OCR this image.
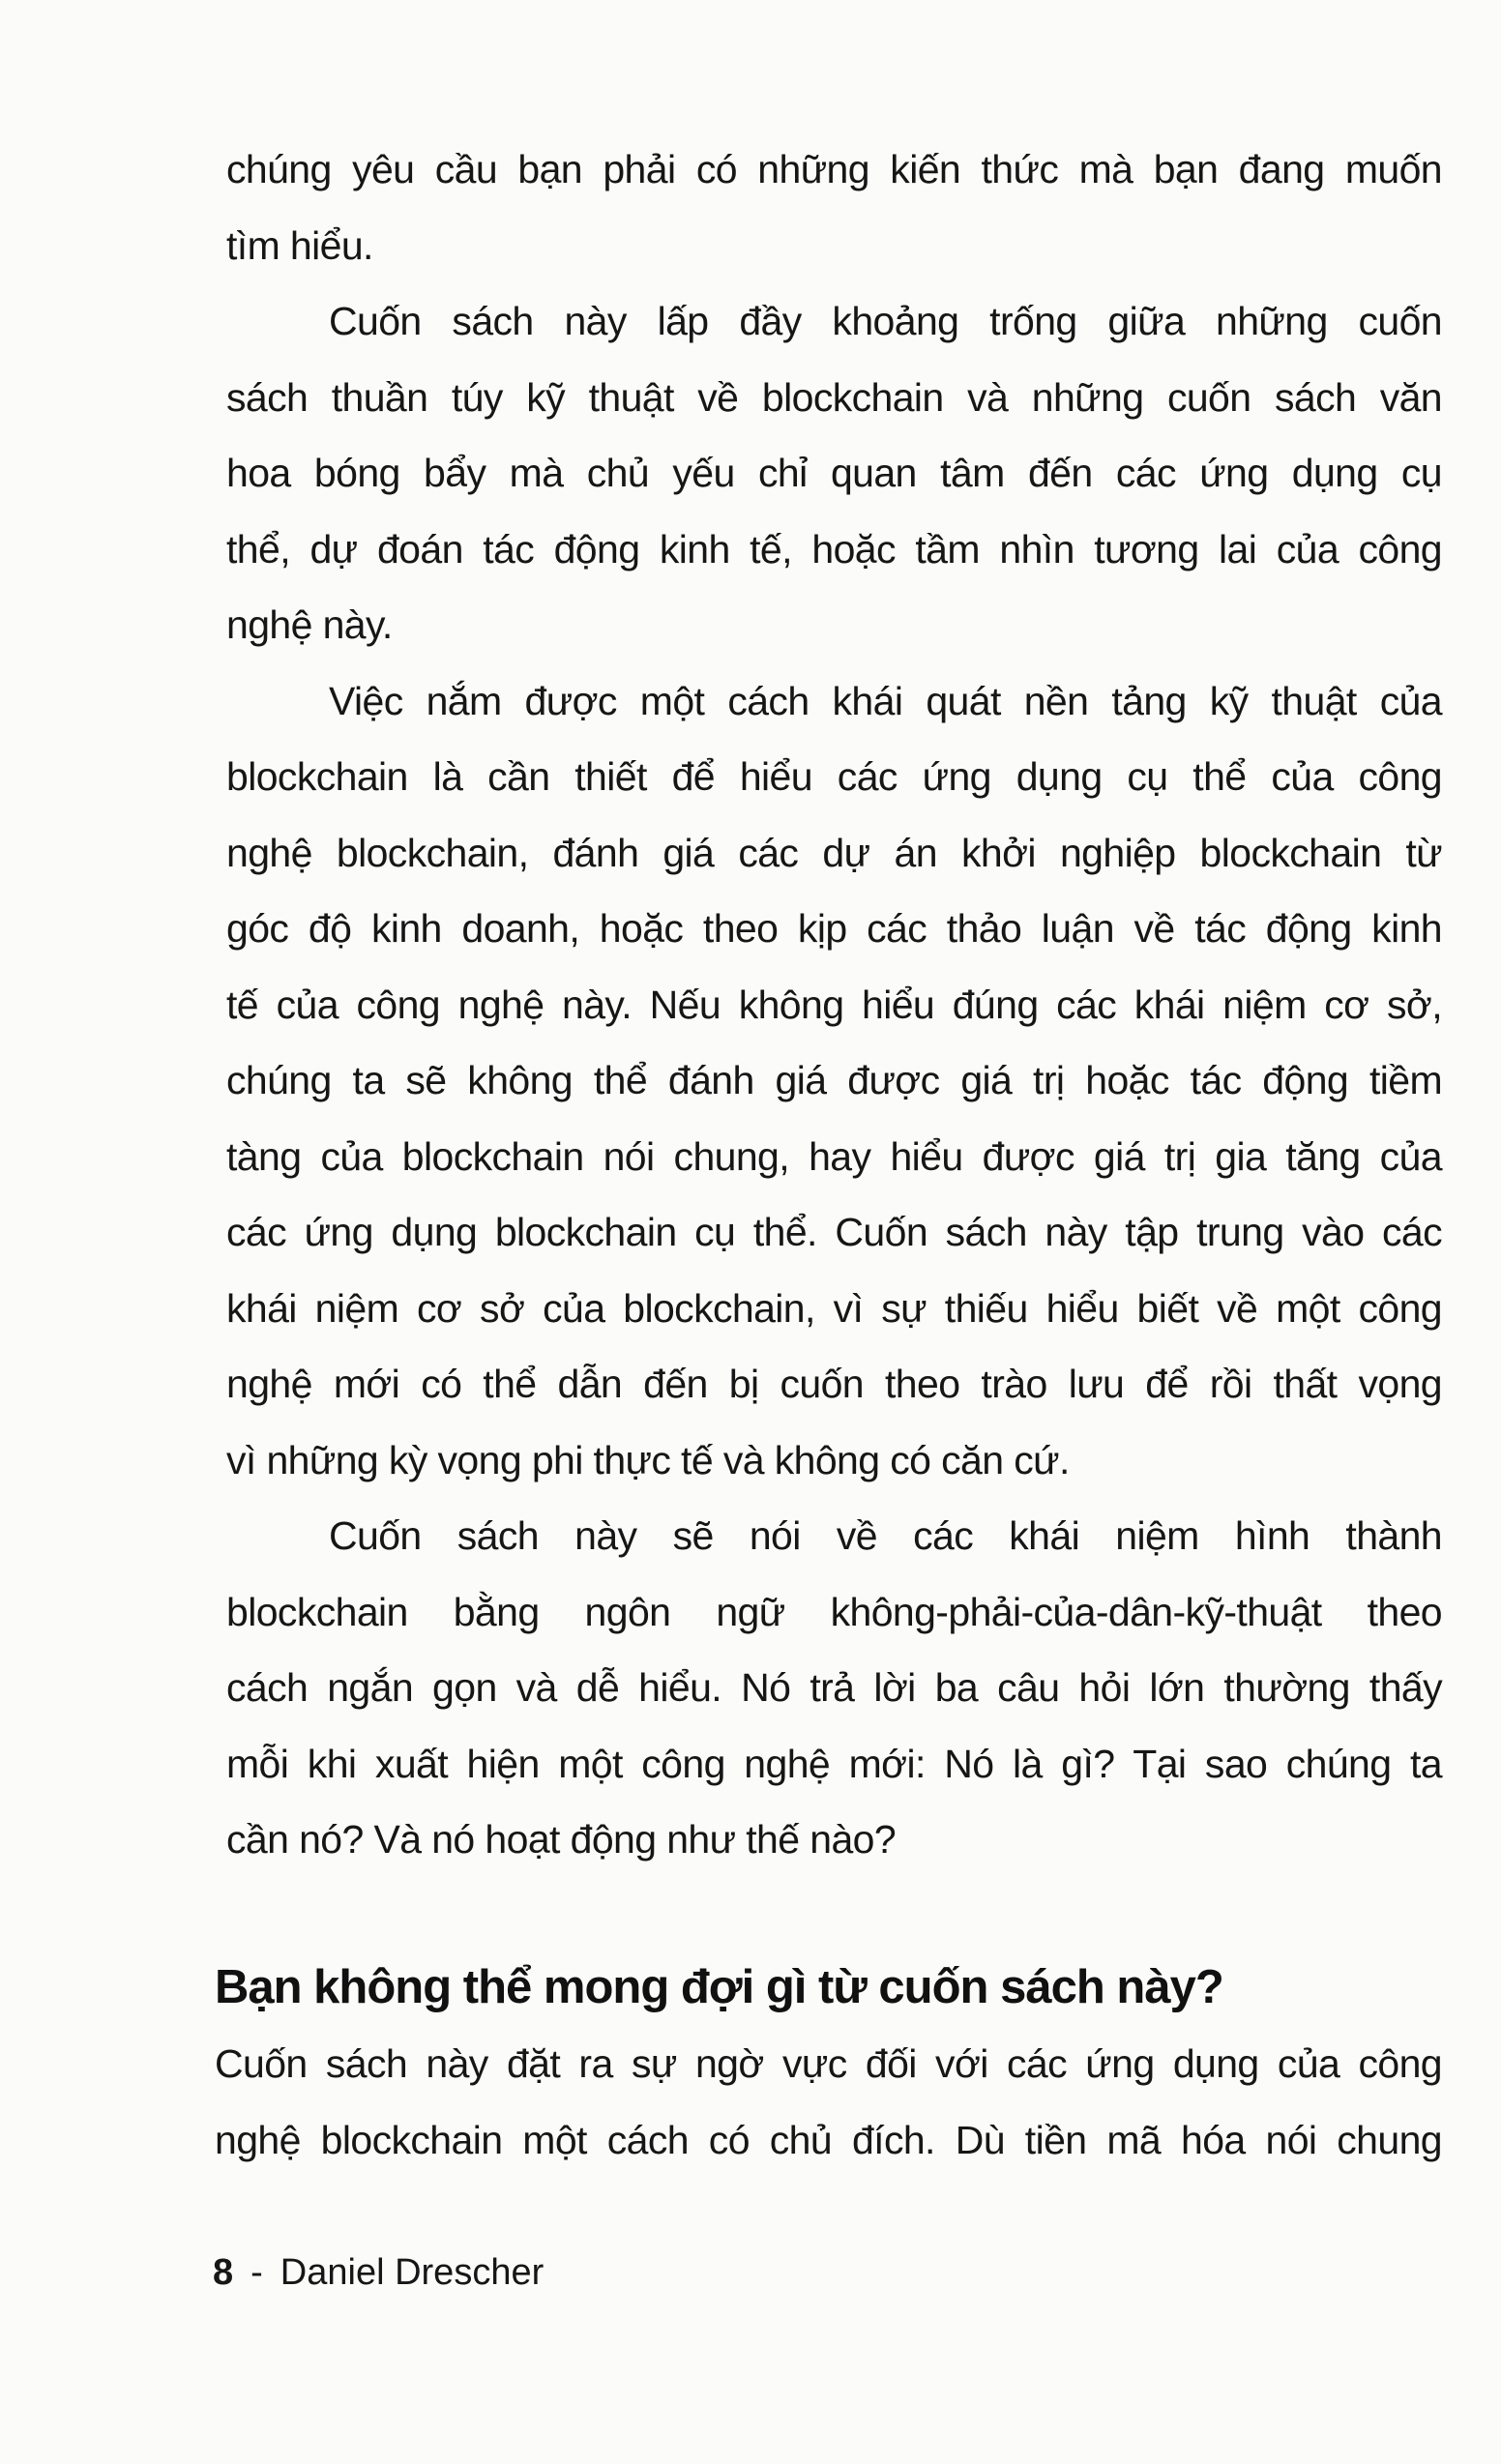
chúng yêu cầu bạn phải có những kiến thức mà bạn đang muốn
tìm hiểu.
Cuốn sách này lấp đầy khoảng trống giữa những cuốn
sách thuần túy kỹ thuật về blockchain và những cuốn sách văn
hoa bóng bẩy mà chủ yếu chỉ quan tâm đến các ứng dụng cụ
thể, dự đoán tác động kinh tế, hoặc tầm nhìn tương lai của công
nghệ này.
Việc nắm được một cách khái quát nền tảng kỹ thuật của
blockchain là cần thiết để hiểu các ứng dụng cụ thể của công
nghệ blockchain, đánh giá các dự án khởi nghiệp blockchain từ
góc độ kinh doanh, hoặc theo kịp các thảo luận về tác động kinh
tế của công nghệ này. Nếu không hiểu đúng các khái niệm cơ sở,
chúng ta sẽ không thể đánh giá được giá trị hoặc tác động tiềm
tàng của blockchain nói chung, hay hiểu được giá trị gia tăng của
các ứng dụng blockchain cụ thể. Cuốn sách này tập trung vào các
khái niệm cơ sở của blockchain, vì sự thiếu hiểu biết về một công
nghệ mới có thể dẫn đến bị cuốn theo trào lưu để rồi thất vọng
vì những kỳ vọng phi thực tế và không có căn cứ.
Cuốn sách này sẽ nói về các khái niệm hình thành
blockchain bằng ngôn ngữ không-phải-của-dân-kỹ-thuật theo
cách ngắn gọn và dễ hiểu. Nó trả lời ba câu hỏi lớn thường thấy
mỗi khi xuất hiện một công nghệ mới: Nó là gì? Tại sao chúng ta
cần nó? Và nó hoạt động như thế nào?
Cuốn sách này đặt ra sự ngờ vực đối với các ứng dụng của công
nghệ blockchain một cách có chủ đích. Dù tiền mã hóa nói chung
Bạn không thể mong đợi gì từ cuốn sách này?
8 - Daniel Drescher
